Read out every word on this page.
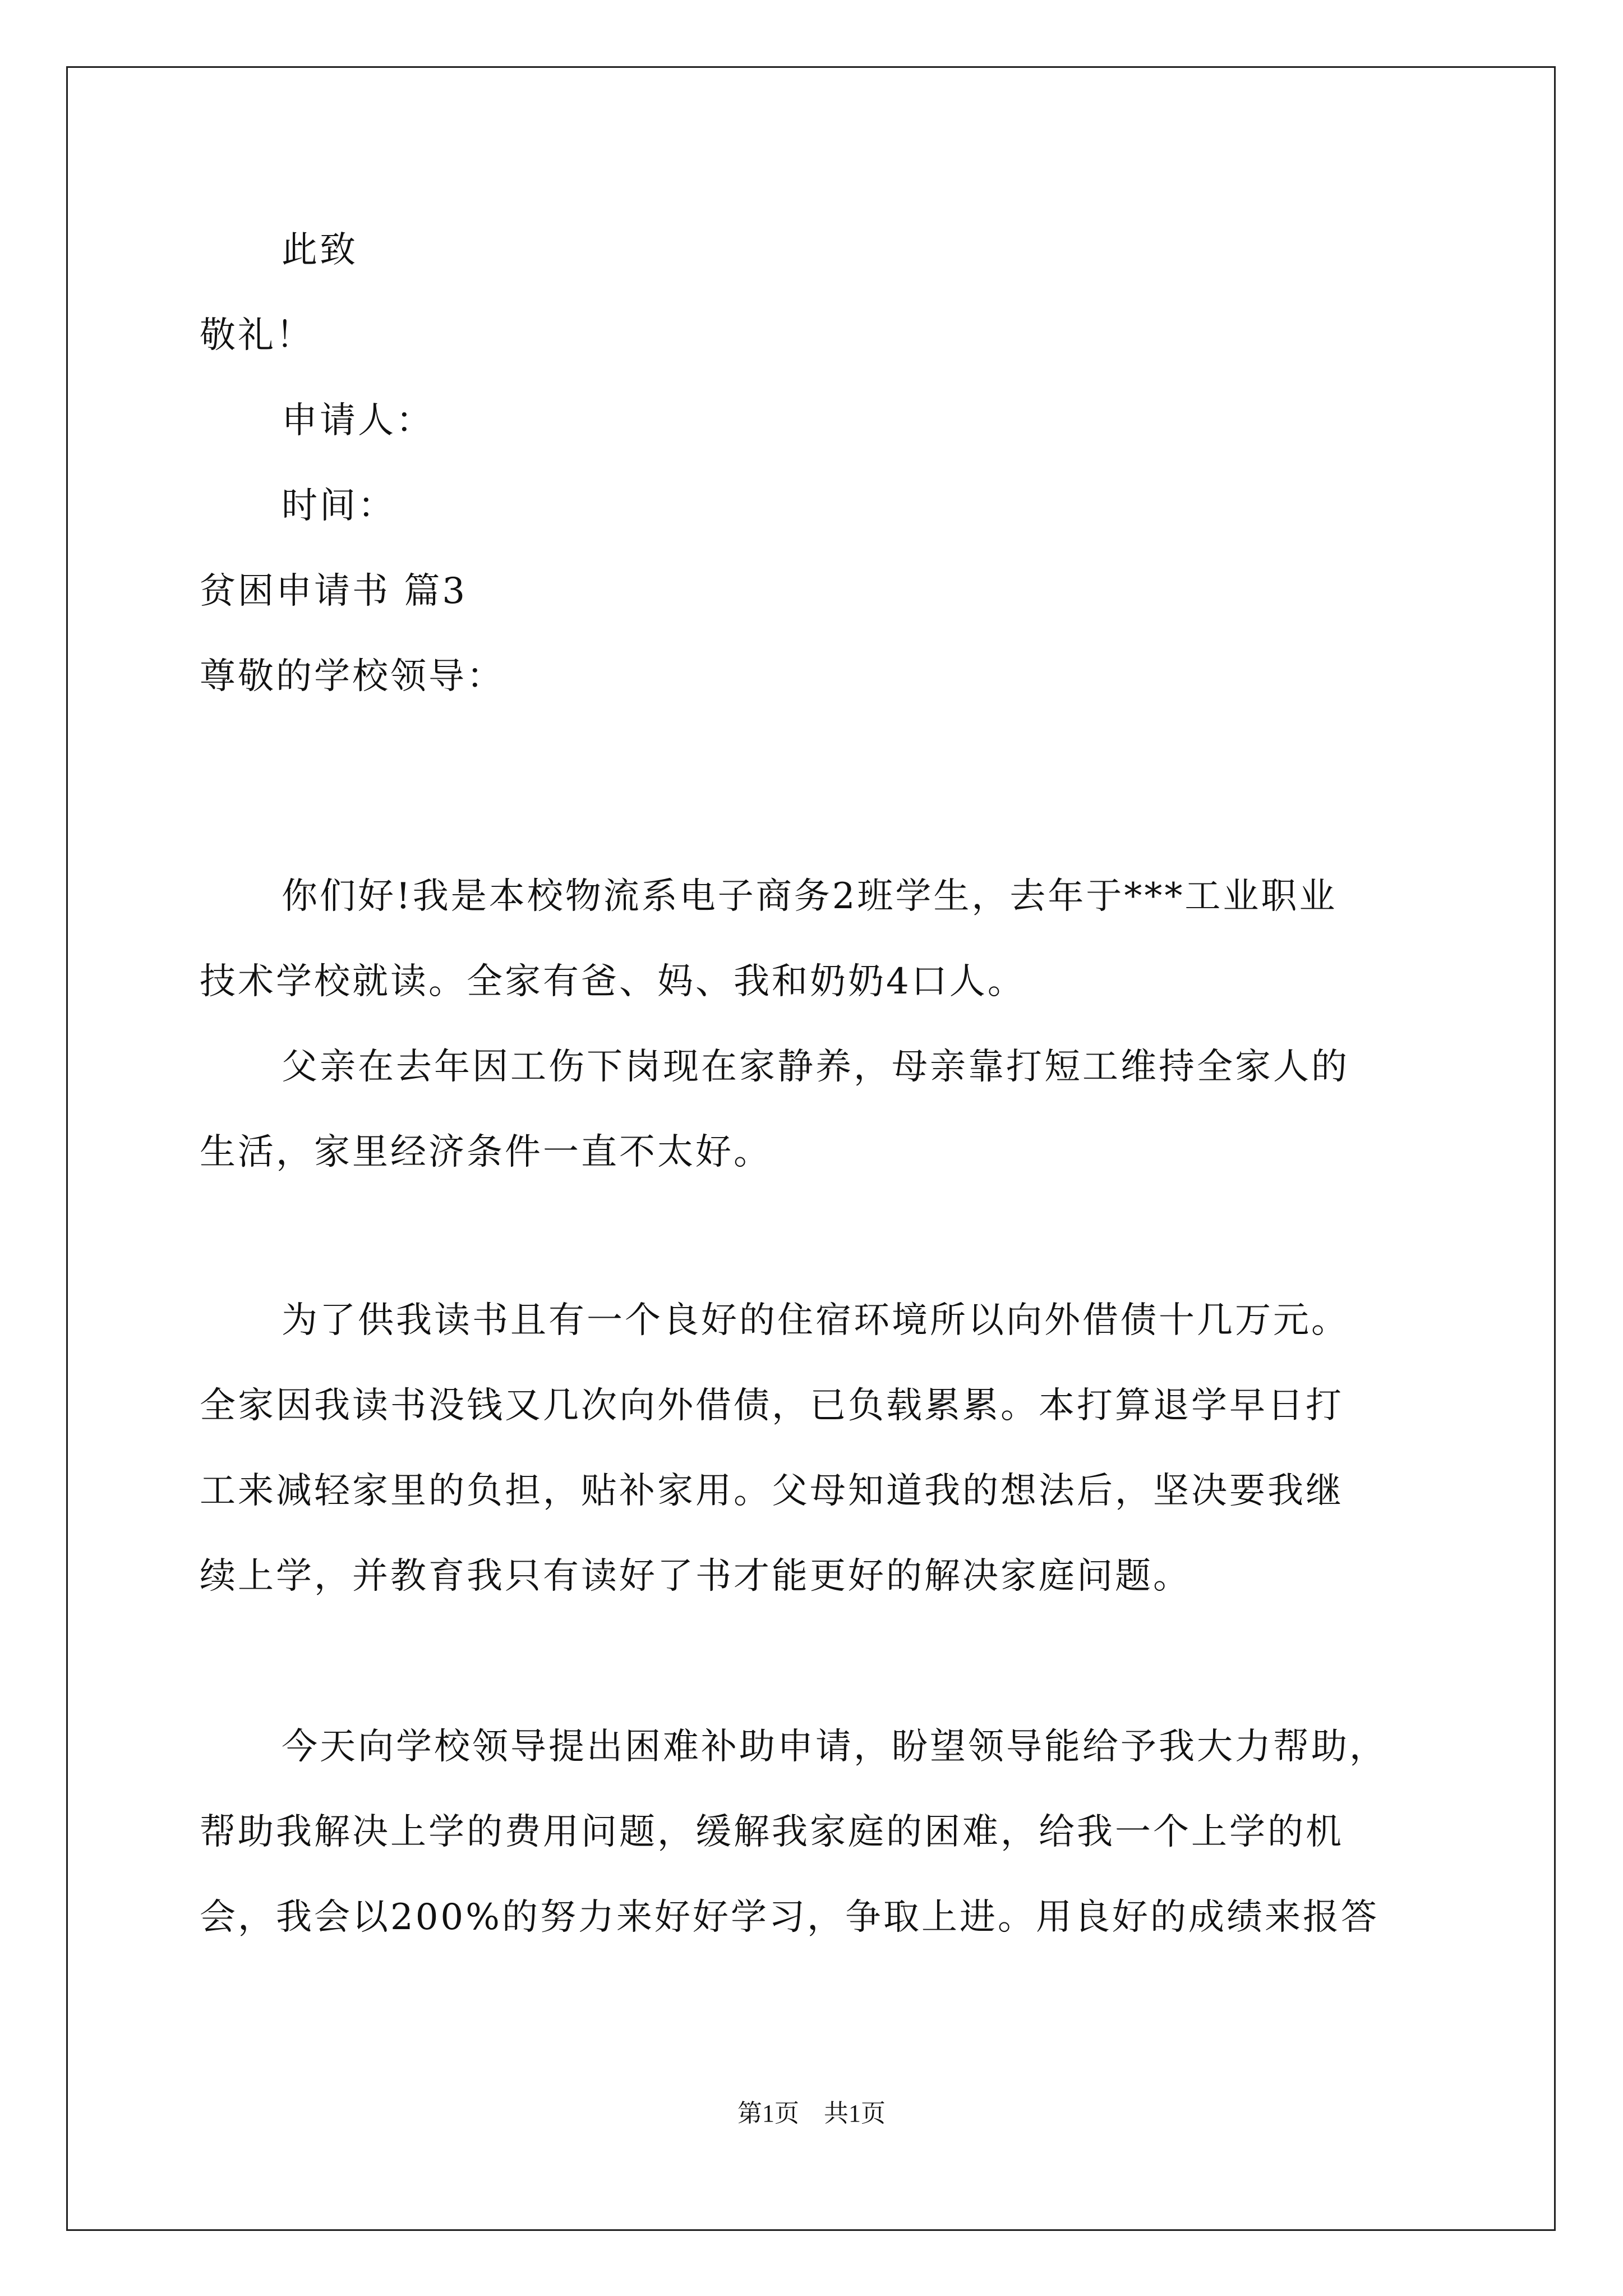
此致
敬礼！
申请人：
时间：
贫困申请书 篇3
尊敬的学校领导：
你们好!我是本校物流系电子商务2班学生，去年于***工业职业
技术学校就读。全家有爸、妈、我和奶奶4口人。
父亲在去年因工伤下岗现在家静养，母亲靠打短工维持全家人的
生活，家里经济条件一直不太好。
为了供我读书且有一个良好的住宿环境所以向外借债十几万元。
全家因我读书没钱又几次向外借债，已负载累累。本打算退学早日打
工来减轻家里的负担，贴补家用。父母知道我的想法后，坚决要我继
续上学，并教育我只有读好了书才能更好的解决家庭问题。
今天向学校领导提出困难补助申请，盼望领导能给予我大力帮助，
帮助我解决上学的费用问题，缓解我家庭的困难，给我一个上学的机
会，我会以200%的努力来好好学习，争取上进。用良好的成绩来报答
第1页　共1页
